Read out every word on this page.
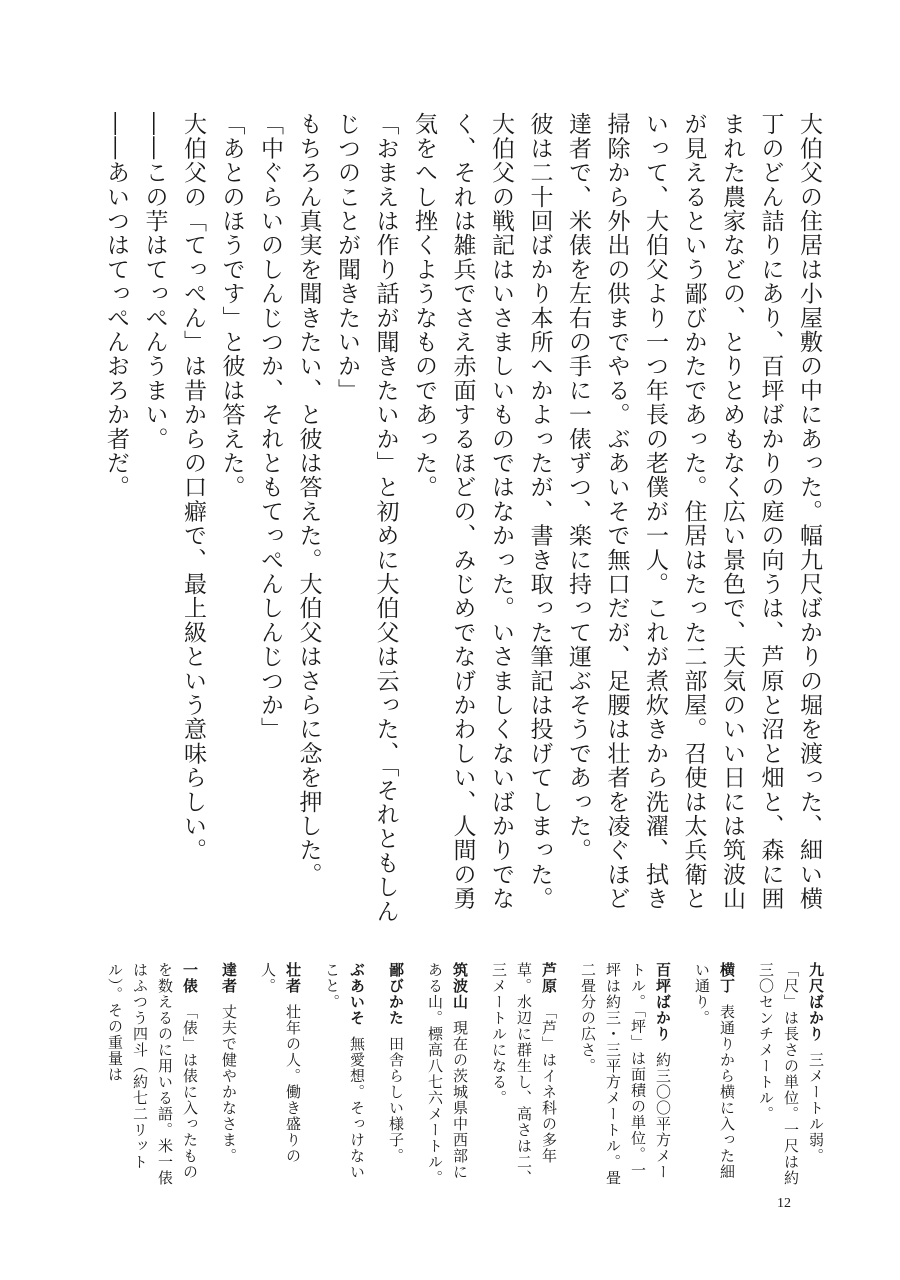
大伯父の住居は小屋敷の中にあった。幅九尺ばかりの堀を渡った、細い横丁のどん詰りにあり、百坪ばかりの庭の向うは、芦原と沼と畑と、森に囲まれた農家などの、とりとめもなく広い景色で、天気のいい日には筑波山が見えるという鄙びかたであった。住居はたった二部屋。召使は太兵衛といって、大伯父より一つ年長の老僕が一人。これが煮炊きから洗濯、拭き掃除から外出の供までやる。ぶあいそで無口だが、足腰は壮者を凌ぐほど達者で、米俵を左右の手に一俵ずつ、楽に持って運ぶそうであった。

彼は二十回ばかり本所へかよったが、書き取った筆記は投げてしまった。大伯父の戦記はいさましいものではなかった。いさましくないばかりでなく、それは雑兵でさえ赤面するほどの、みじめでなげかわしい、人間の勇気をへし挫くようなものであった。

「おまえは作り話が聞きたいか」と初めに大伯父は云った、「それともしんじつのことが聞きたいか」

もちろん真実を聞きたい、と彼は答えた。大伯父はさらに念を押した。

「中ぐらいのしんじつか、それともてっぺんしんじつか」

「あとのほうです」と彼は答えた。

大伯父の「てっぺん」は昔からの口癖で、最上級という意味らしい。

――この芋はてっぺんうまい。

――あいつはてっぺんおろか者だ。

九尺ばかり三メートル弱。「尺」は長さの単位。一尺は約三〇センチメートル。

横丁表通りから横に入った細い通り。

百坪ばかり約三〇〇平方メートル。「坪」は面積の単位。一坪は約三・三平方メートル。畳二畳分の広さ。

芦原「芦」はイネ科の多年草。水辺に群生し、高さは二、三メートルになる。

筑波山現在の茨城県中西部にある山。標高八七六メートル。

鄙びかた田舎らしい様子。

ぶあいそ無愛想。そっけないこと。

壮者壮年の人。働き盛りの人。

達者丈夫で健やかなさま。

一俵「俵」は俵に入ったものを数えるのに用いる語。米一俵はふつう四斗（約七二リットル）。その重量は

12
